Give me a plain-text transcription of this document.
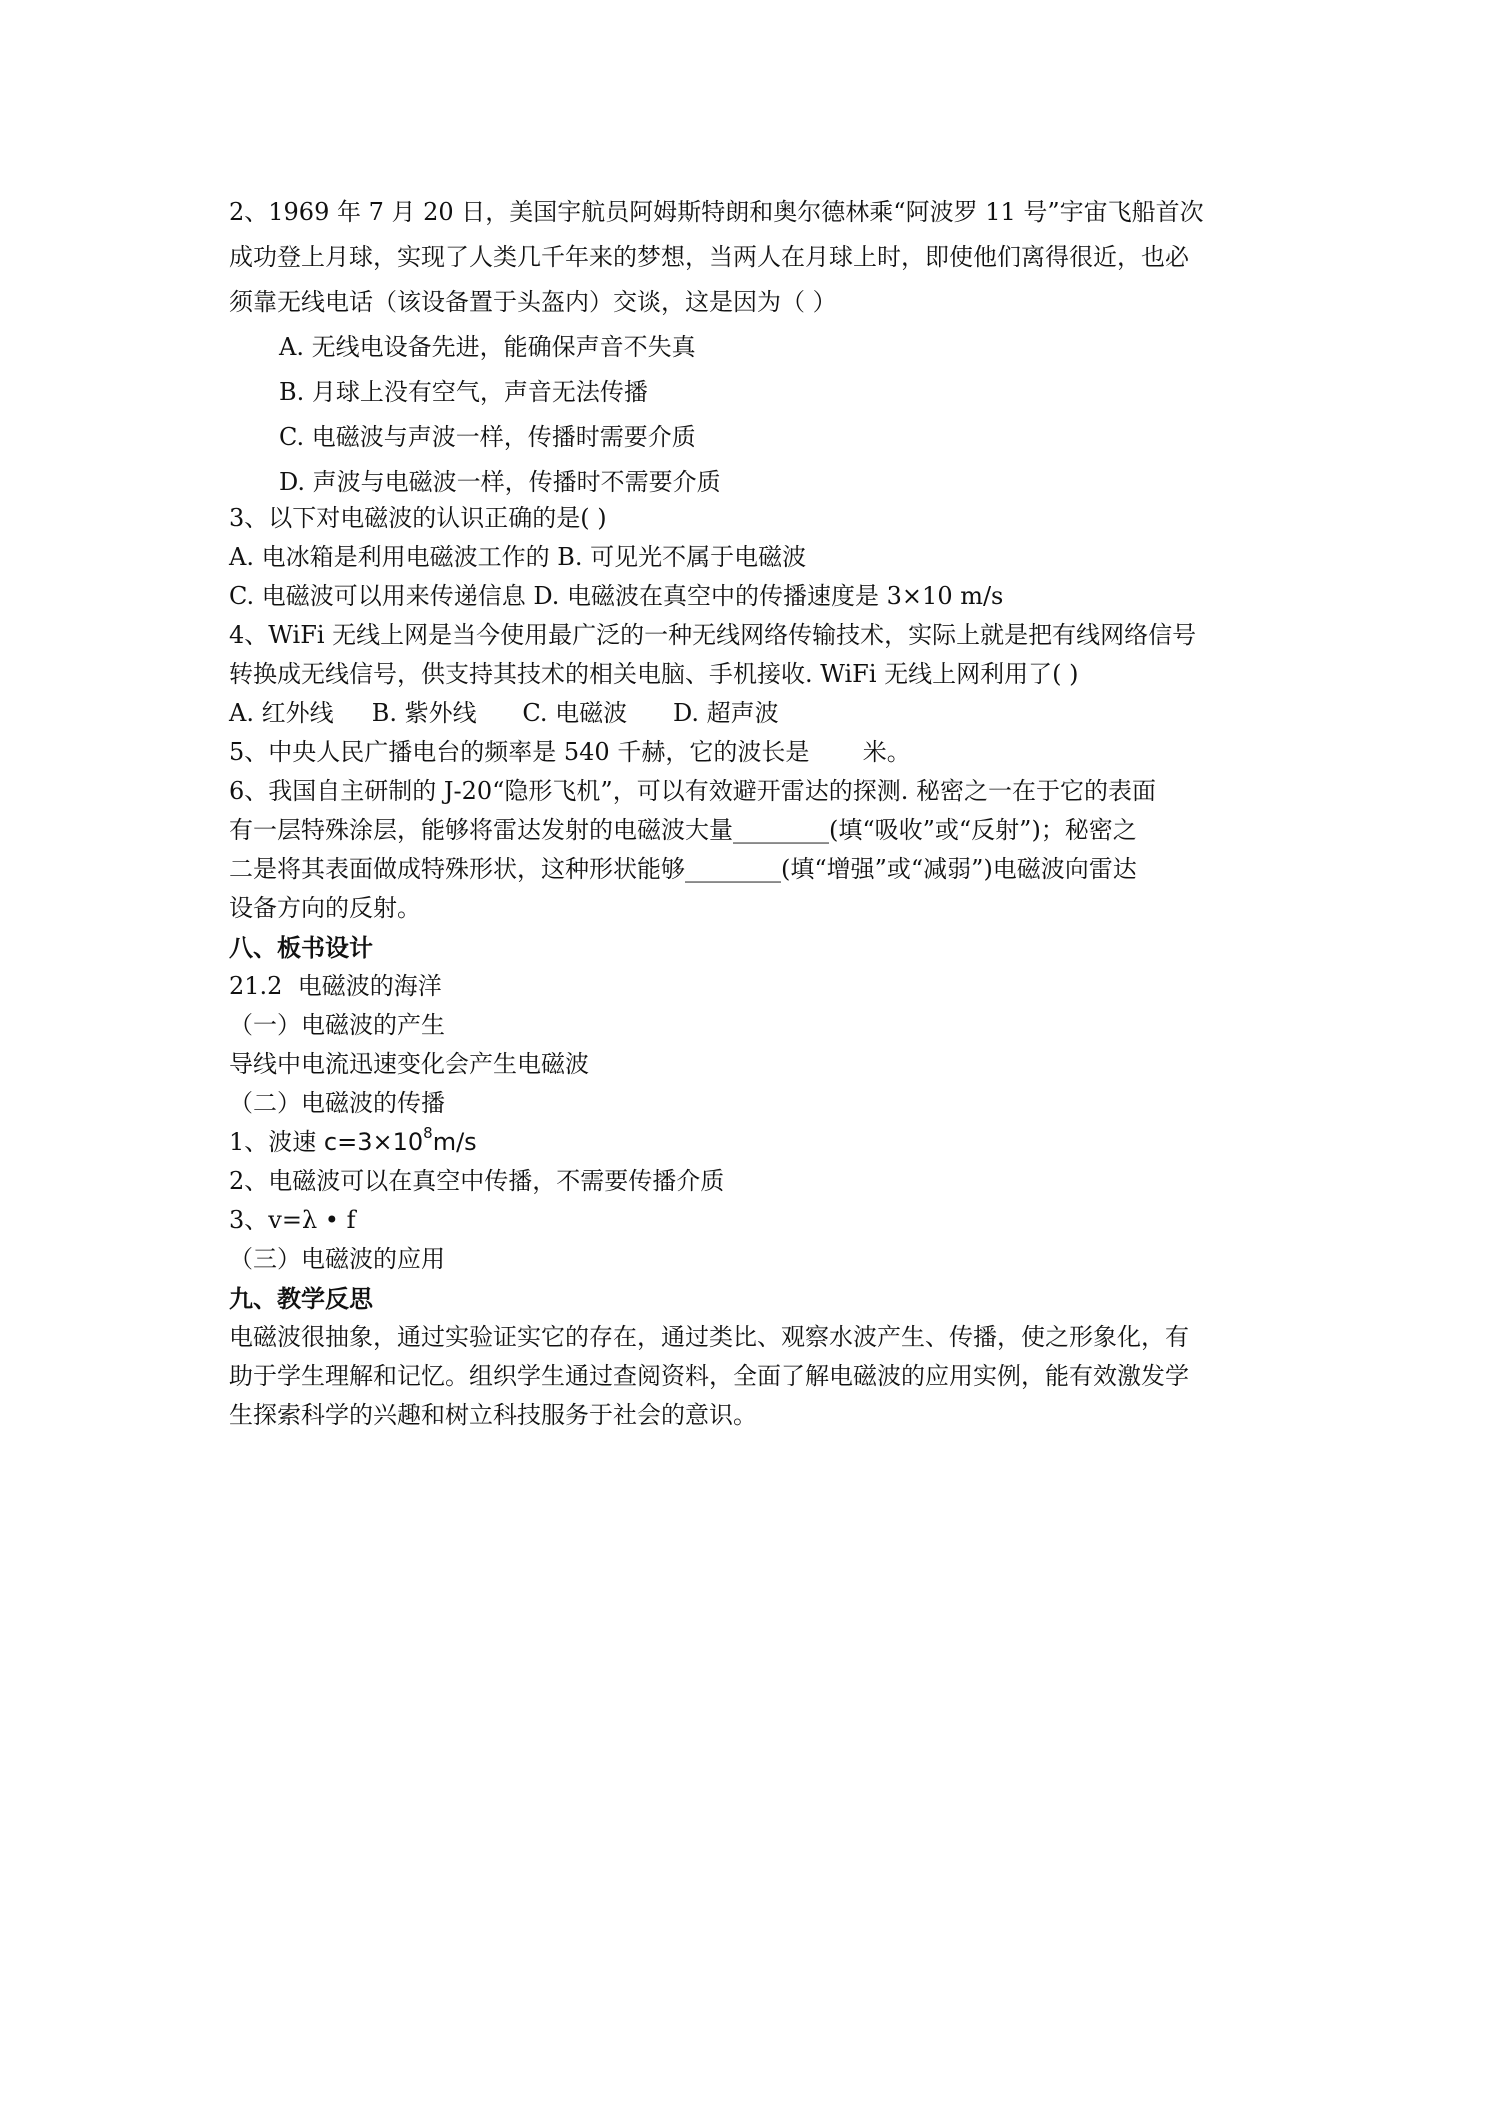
2、1969 年 7 月 20 日，美国宇航员阿姆斯特朗和奥尔德林乘“阿波罗 11 号”宇宙飞船首次
成功登上月球，实现了人类几千年来的梦想，当两人在月球上时，即使他们离得很近，也必
须靠无线电话（该设备置于头盔内）交谈，这是因为（ ）
A. 无线电设备先进，能确保声音不失真
B. 月球上没有空气，声音无法传播
C. 电磁波与声波一样，传播时需要介质
D. 声波与电磁波一样，传播时不需要介质
3、以下对电磁波的认识正确的是( )
A. 电冰箱是利用电磁波工作的 B. 可见光不属于电磁波
C. 电磁波可以用来传递信息 D. 电磁波在真空中的传播速度是 3×10 m/s
4、WiFi 无线上网是当今使用最广泛的一种无线网络传输技术，实际上就是把有线网络信号
转换成无线信号，供支持其技术的相关电脑、手机接收. WiFi 无线上网利用了( )
A. 红外线     B. 紫外线      C. 电磁波      D. 超声波
5、中央人民广播电台的频率是 540 千赫，它的波长是       米。
6、我国自主研制的 J-20“隐形飞机”，可以有效避开雷达的探测. 秘密之一在于它的表面
有一层特殊涂层，能够将雷达发射的电磁波大量________(填“吸收”或“反射”)；秘密之
二是将其表面做成特殊形状，这种形状能够________(填“增强”或“减弱”)电磁波向雷达
设备方向的反射。
八、板书设计
21.2  电磁波的海洋
（一）电磁波的产生
导线中电流迅速变化会产生电磁波
（二）电磁波的传播
1、波速 $c=3\times 10^8m/s$
2、电磁波可以在真空中传播，不需要传播介质
3、v=λ • f
（三）电磁波的应用
九、教学反思
电磁波很抽象，通过实验证实它的存在，通过类比、观察水波产生、传播，使之形象化，有
助于学生理解和记忆。组织学生通过查阅资料，全面了解电磁波的应用实例，能有效激发学
生探索科学的兴趣和树立科技服务于社会的意识。
